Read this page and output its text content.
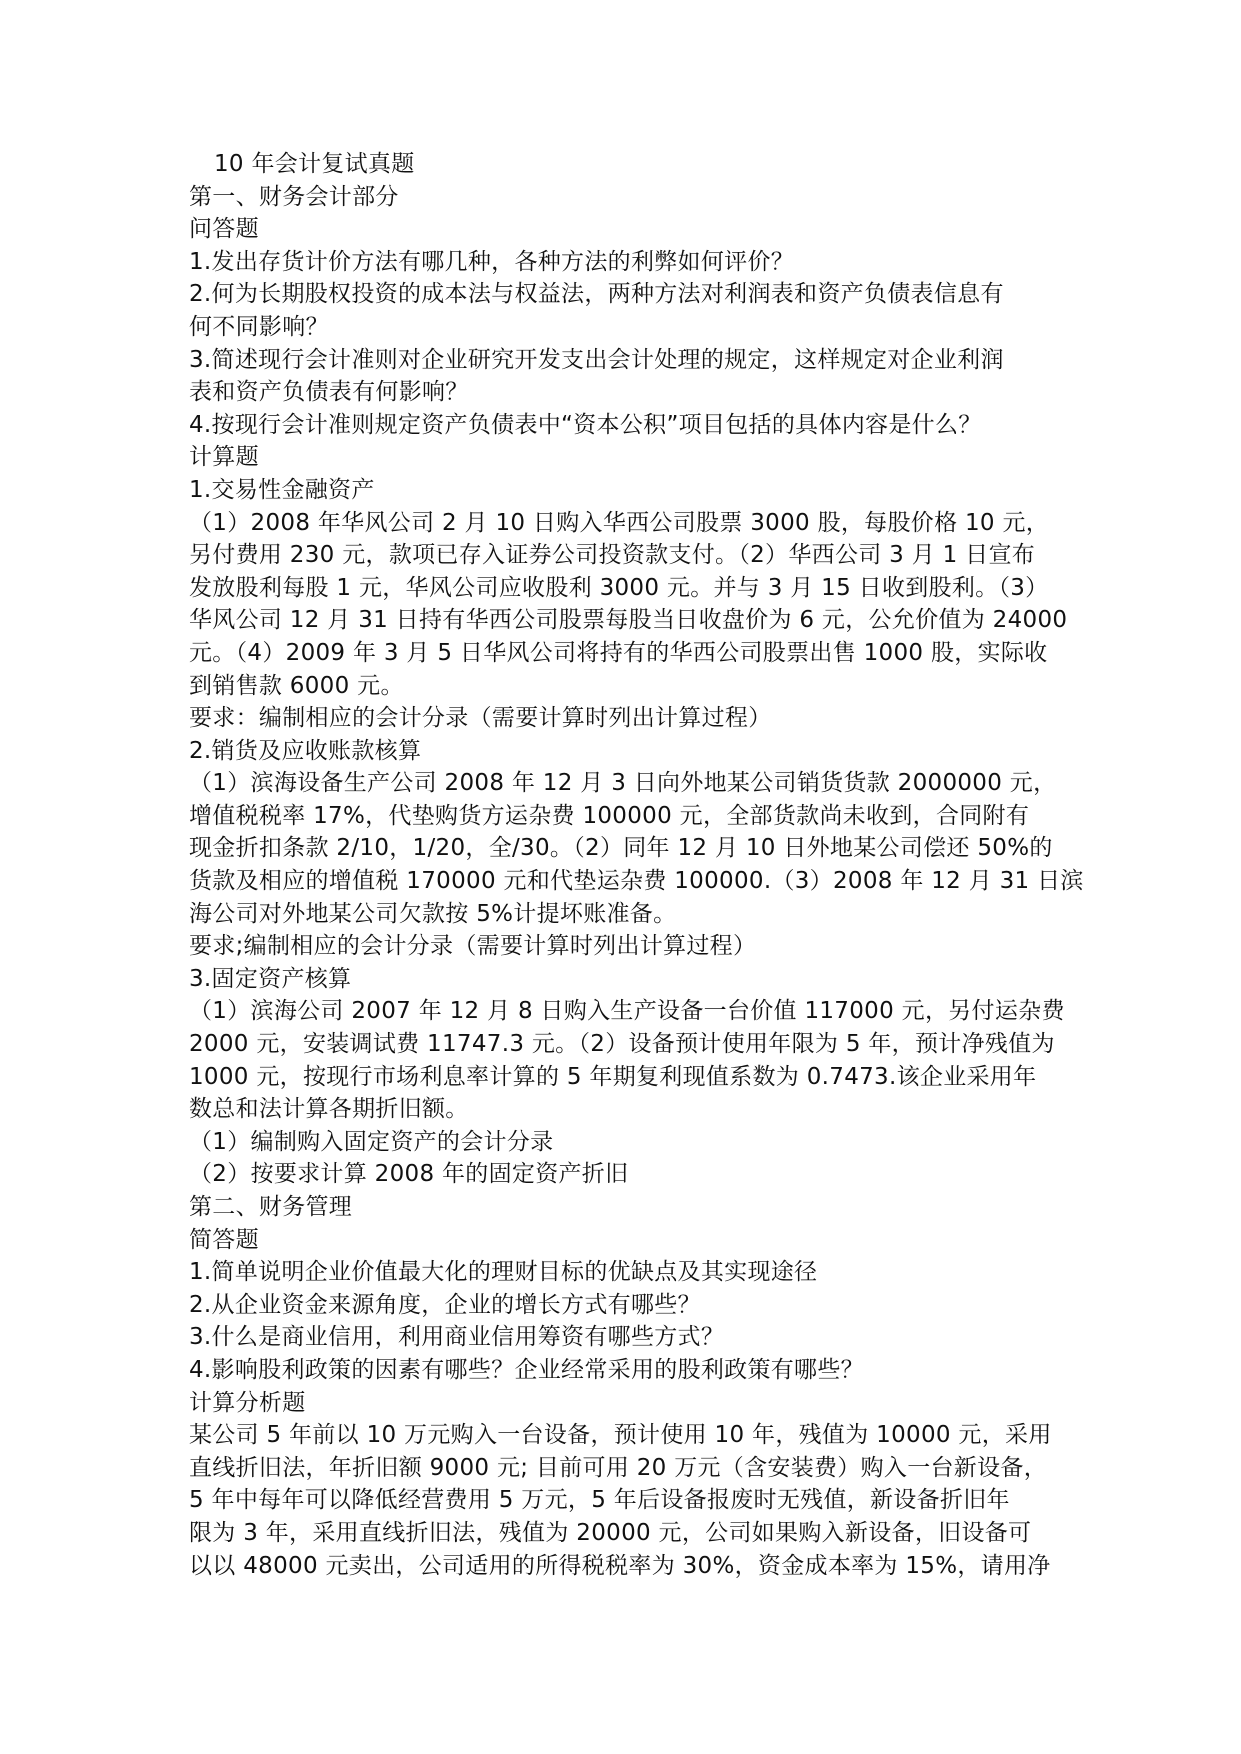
10 年会计复试真题
第一、财务会计部分
问答题
1.发出存货计价方法有哪几种，各种方法的利弊如何评价？
2.何为长期股权投资的成本法与权益法，两种方法对利润表和资产负债表信息有
何不同影响？
3.简述现行会计准则对企业研究开发支出会计处理的规定，这样规定对企业利润
表和资产负债表有何影响？
4.按现行会计准则规定资产负债表中“资本公积”项目包括的具体内容是什么？
计算题
1.交易性金融资产
（1）2008 年华风公司 2 月 10 日购入华西公司股票 3000 股，每股价格 10 元，
另付费用 230 元，款项已存入证券公司投资款支付。（2）华西公司 3 月 1 日宣布
发放股利每股 1 元，华风公司应收股利 3000 元。并与 3 月 15 日收到股利。（3）
华风公司 12 月 31 日持有华西公司股票每股当日收盘价为 6 元，公允价值为 24000
元。（4）2009 年 3 月 5 日华风公司将持有的华西公司股票出售 1000 股，实际收
到销售款 6000 元。
要求：编制相应的会计分录（需要计算时列出计算过程）
2.销货及应收账款核算
（1）滨海设备生产公司 2008 年 12 月 3 日向外地某公司销货货款 2000000 元，
增值税税率 17%，代垫购货方运杂费 100000 元，全部货款尚未收到，合同附有
现金折扣条款 2/10，1/20，全/30。（2）同年 12 月 10 日外地某公司偿还 50%的
货款及相应的增值税 170000 元和代垫运杂费 100000.（3）2008 年 12 月 31 日滨
海公司对外地某公司欠款按 5%计提坏账准备。
要求;编制相应的会计分录（需要计算时列出计算过程）
3.固定资产核算
（1）滨海公司 2007 年 12 月 8 日购入生产设备一台价值 117000 元，另付运杂费
2000 元，安装调试费 11747.3 元。（2）设备预计使用年限为 5 年，预计净残值为
1000 元，按现行市场利息率计算的 5 年期复利现值系数为 0.7473.该企业采用年
数总和法计算各期折旧额。
（1）编制购入固定资产的会计分录
（2）按要求计算 2008 年的固定资产折旧
第二、财务管理
简答题
1.简单说明企业价值最大化的理财目标的优缺点及其实现途径
2.从企业资金来源角度，企业的增长方式有哪些？
3.什么是商业信用，利用商业信用筹资有哪些方式？
4.影响股利政策的因素有哪些？企业经常采用的股利政策有哪些？
计算分析题
某公司 5 年前以 10 万元购入一台设备，预计使用 10 年，残值为 10000 元，采用
直线折旧法，年折旧额 9000 元; 目前可用 20 万元（含安装费）购入一台新设备，
5 年中每年可以降低经营费用 5 万元，5 年后设备报废时无残值，新设备折旧年
限为 3 年，采用直线折旧法，残值为 20000 元，公司如果购入新设备，旧设备可
以以 48000 元卖出，公司适用的所得税税率为 30%，资金成本率为 15%，请用净
